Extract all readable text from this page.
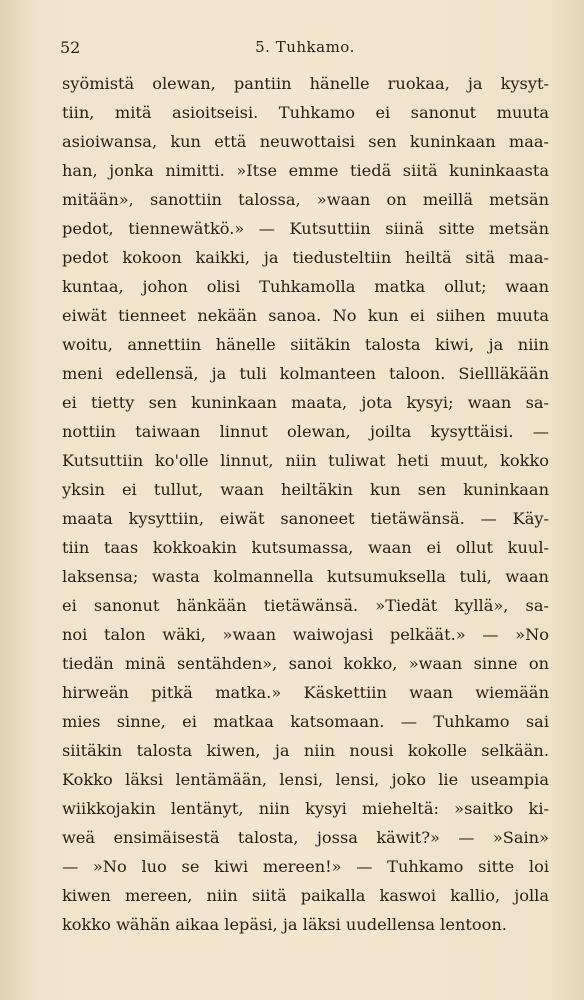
52	5. Tuhkamo.
syömistä olewan, pantiin hänelle ruokaa, ja kysyt-
tiin, mitä asioitseisi. Tuhkamo ei sanonut muuta
asioiwansa, kun että neuwottaisi sen kuninkaan maa-
han, jonka nimitti. »Itse emme tiedä siitä kuninkaasta
mitään», sanottiin talossa, »waan on meillä metsän
pedot, tiennewätkö.» — Kutsuttiin siinä sitte metsän
pedot kokoon kaikki, ja tiedusteltiin heiltä sitä maa-
kuntaa, johon olisi Tuhkamolla matka ollut; waan
eiwät tienneet nekään sanoa. No kun ei siihen muuta
woitu, annettiin hänelle siitäkin talosta kiwi, ja niin
meni edellensä, ja tuli kolmanteen taloon. Siellläkään
ei tietty sen kuninkaan maata, jota kysyi; waan sa-
nottiin taiwaan linnut olewan, joilta kysyttäisi. —
Kutsuttiin ko'olle linnut, niin tuliwat heti muut, kokko
yksin ei tullut, waan heiltäkin kun sen kuninkaan
maata kysyttiin, eiwät sanoneet tietäwänsä. — Käy-
tiin taas kokkoakin kutsumassa, waan ei ollut kuul-
laksensa; wasta kolmannella kutsumuksella tuli, waan
ei sanonut hänkään tietäwänsä. »Tiedät kyllä», sa-
noi talon wäki, »waan waiwojasi pelkäät.» — »No
tiedän minä sentähden», sanoi kokko, »waan sinne on
hirweän pitkä matka.» Käskettiin waan wiemään
mies sinne, ei matkaa katsomaan. — Tuhkamo sai
siitäkin talosta kiwen, ja niin nousi kokolle selkään.
Kokko läksi lentämään, lensi, lensi, joko lie useampia
wiikkojakin lentänyt, niin kysyi mieheltä: »saitko ki-
weä ensimäisestä talosta, jossa käwit?» — »Sain»
— »No luo se kiwi mereen!» — Tuhkamo sitte loi
kiwen mereen, niin siitä paikalla kaswoi kallio, jolla
kokko wähän aikaa lepäsi, ja läksi uudellensa lentoon.
